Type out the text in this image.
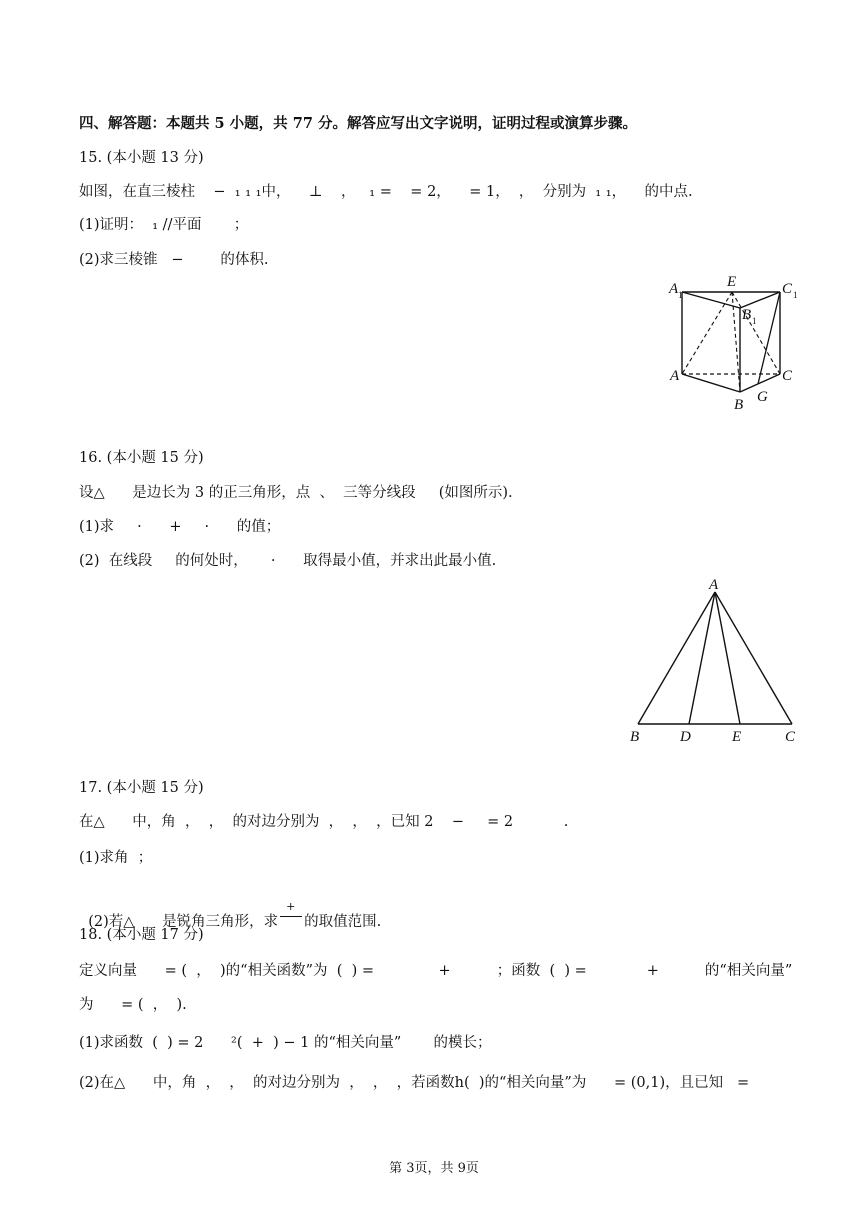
四、解答题：本题共 5 小题，共 77 分。解答应写出文字说明，证明过程或演算步骤。
15. (本小题 13 分)
如图，在直三棱柱    −  ₁ ₁ ₁中，    ⊥    ，   ₁ =    = 2，    = 1，  ，  分别为  ₁ ₁，    的中点.
(1)证明：  ₁ //平面       ；
(2)求三棱锥   −        的体积.
A 1
E	C 1
B 1
A	C
B G
16. (本小题 15 分)
设△      是边长为 3 的正三角形，点  、  三等分线段     (如图所示).
(1)求     ·      +     ·      的值；
(2)  在线段     的何处时，     ·      取得最小值，并求出此最小值.
A
B	D	E	C
17. (本小题 15 分)
在△      中，角  ，  ，  的对边分别为  ，  ，  ，已知 2    −     = 2           .
(1)求角  ；

(2)若△      是锐角三角形，求
+
的取值范围.

18. (本小题 17 分)
定义向量      = (  ，  )的“相关函数”为  (  ) =              +          ；函数  (  ) =             +          的“相关向量”
为      = (  ，  ).
(1)求函数  (  ) = 2      ²(  +  ) − 1 的“相关向量”       的模长；
(2)在△      中，角  ，  ，  的对边分别为  ，  ，  ，若函数h(  )的“相关向量”为      = (0,1)，且已知   =
第 3页，共 9页
